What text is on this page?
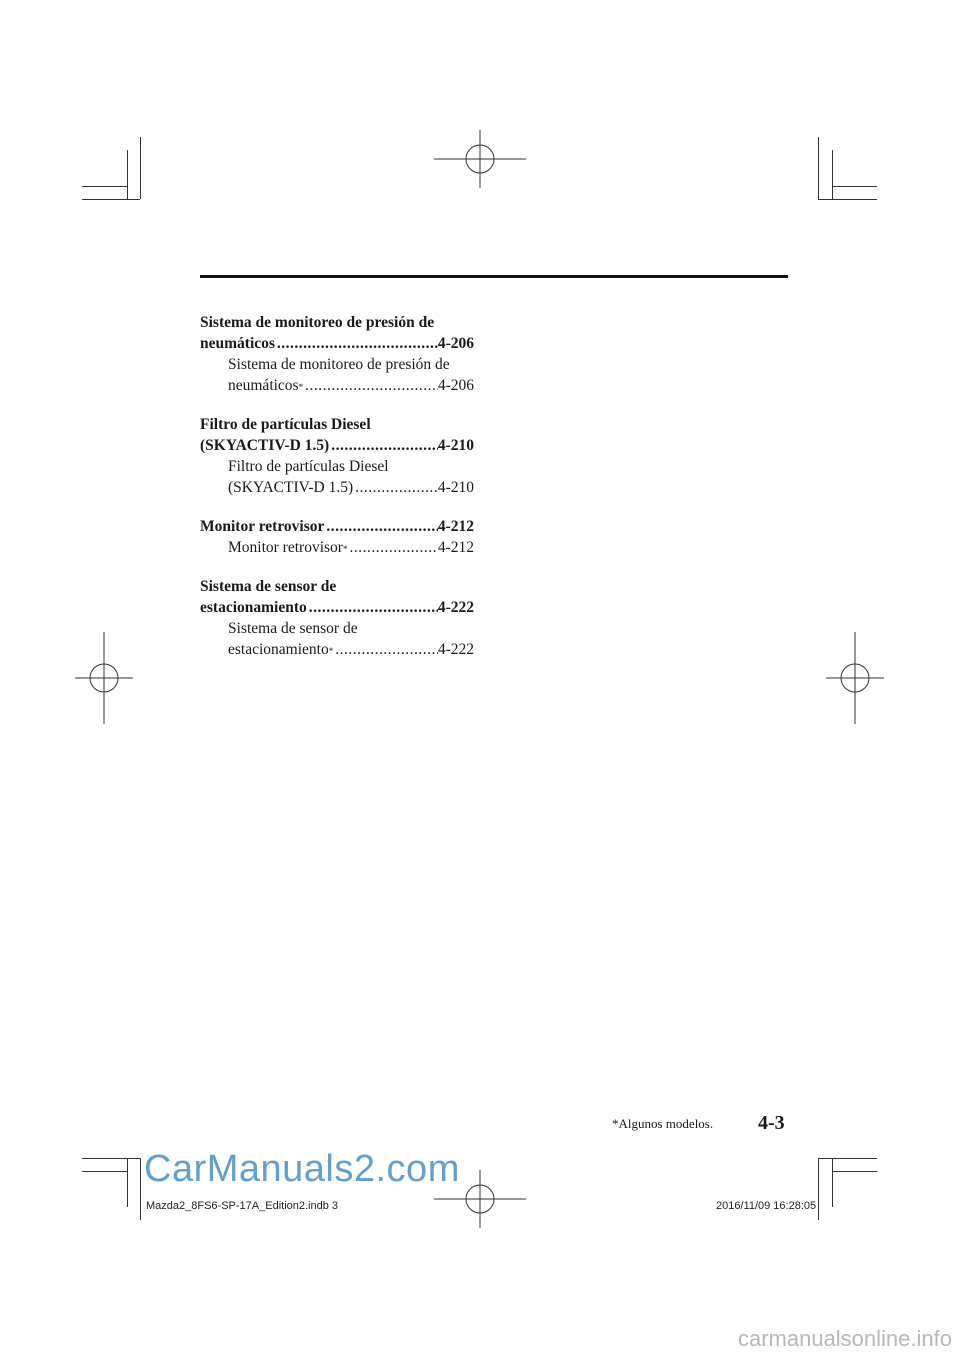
Sistema de monitoreo de presión de
neumáticos .....	4-206
Sistema de monitoreo de presión de
neumáticos * .....	4-206
Filtro de partículas Diesel
(SKYACTIV-D 1.5) .....	4-210
Filtro de partículas Diesel
(SKYACTIV-D 1.5) .....	4-210
Monitor retrovisor .....	4-212
Monitor retrovisor * .....	4-212
Sistema de sensor de
estacionamiento .....	4-222
Sistema de sensor de
estacionamiento * .....	4-222
*Algunos modelos. 4-3
CarManuals2.com
Mazda2_8FS6-SP-17A_Edition2.indb 3	2016/11/09 16:28:05
carmanualsonline.info
